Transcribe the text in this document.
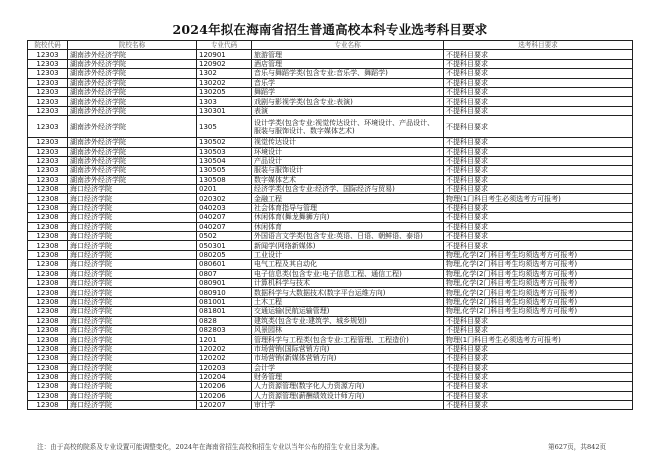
2024年拟在海南省招生普通高校本科专业选考科目要求
院校代码	院校名称	专业代码	专业名称	选考科目要求
12303	湖南涉外经济学院	120901	旅游管理	不提科目要求
12303	湖南涉外经济学院	120902	酒店管理	不提科目要求
12303	湖南涉外经济学院	1302	音乐与舞蹈学类(包含专业:音乐学、舞蹈学)	不提科目要求
12303	湖南涉外经济学院	130202	音乐学	不提科目要求
12303	湖南涉外经济学院	130205	舞蹈学	不提科目要求
12303	湖南涉外经济学院	1303	戏剧与影视学类(包含专业:表演)	不提科目要求
12303	湖南涉外经济学院	130301	表演	不提科目要求
12303	湖南涉外经济学院	1305	设计学类(包含专业:视觉传达设计、环境设计、产品设计、服装与服饰设计、数字媒体艺术)	不提科目要求
12303	湖南涉外经济学院	130502	视觉传达设计	不提科目要求
12303	湖南涉外经济学院	130503	环境设计	不提科目要求
12303	湖南涉外经济学院	130504	产品设计	不提科目要求
12303	湖南涉外经济学院	130505	服装与服饰设计	不提科目要求
12303	湖南涉外经济学院	130508	数字媒体艺术	不提科目要求
12308	海口经济学院	0201	经济学类(包含专业:经济学、国际经济与贸易)	不提科目要求
12308	海口经济学院	020302	金融工程	物理(1门科目考生必须选考方可报考)
12308	海口经济学院	040203	社会体育指导与管理	不提科目要求
12308	海口经济学院	040207	休闲体育(舞龙舞狮方向)	不提科目要求
12308	海口经济学院	040207	休闲体育	不提科目要求
12308	海口经济学院	0502	外国语言文学类(包含专业:英语、日语、朝鲜语、泰语)	不提科目要求
12308	海口经济学院	050301	新闻学(网络新媒体)	不提科目要求
12308	海口经济学院	080205	工业设计	物理,化学(2门科目考生均须选考方可报考)
12308	海口经济学院	080601	电气工程及其自动化	物理,化学(2门科目考生均须选考方可报考)
12308	海口经济学院	0807	电子信息类(包含专业:电子信息工程、通信工程)	物理,化学(2门科目考生均须选考方可报考)
12308	海口经济学院	080901	计算机科学与技术	物理,化学(2门科目考生均须选考方可报考)
12308	海口经济学院	080910	数据科学与大数据技术(数字平台运维方向)	物理,化学(2门科目考生均须选考方可报考)
12308	海口经济学院	081001	土木工程	物理,化学(2门科目考生均须选考方可报考)
12308	海口经济学院	081801	交通运输(民航运输管理)	物理,化学(2门科目考生均须选考方可报考)
12308	海口经济学院	0828	建筑类(包含专业:建筑学、城乡规划)	不提科目要求
12308	海口经济学院	082803	风景园林	不提科目要求
12308	海口经济学院	1201	管理科学与工程类(包含专业:工程管理、工程造价)	物理(1门科目考生必须选考方可报考)
12308	海口经济学院	120202	市场营销(国际营销方向)	不提科目要求
12308	海口经济学院	120202	市场营销(新媒体营销方向)	不提科目要求
12308	海口经济学院	120203	会计学	不提科目要求
12308	海口经济学院	120204	财务管理	不提科目要求
12308	海口经济学院	120206	人力资源管理(数字化人力资源方向)	不提科目要求
12308	海口经济学院	120206	人力资源管理(薪酬绩效设计师方向)	不提科目要求
12308	海口经济学院	120207	审计学	不提科目要求
注：由于高校的院系及专业设置可能调整变化，2024年在海南省招生高校和招生专业以当年公布的招生专业目录为准。	第627页，共842页
